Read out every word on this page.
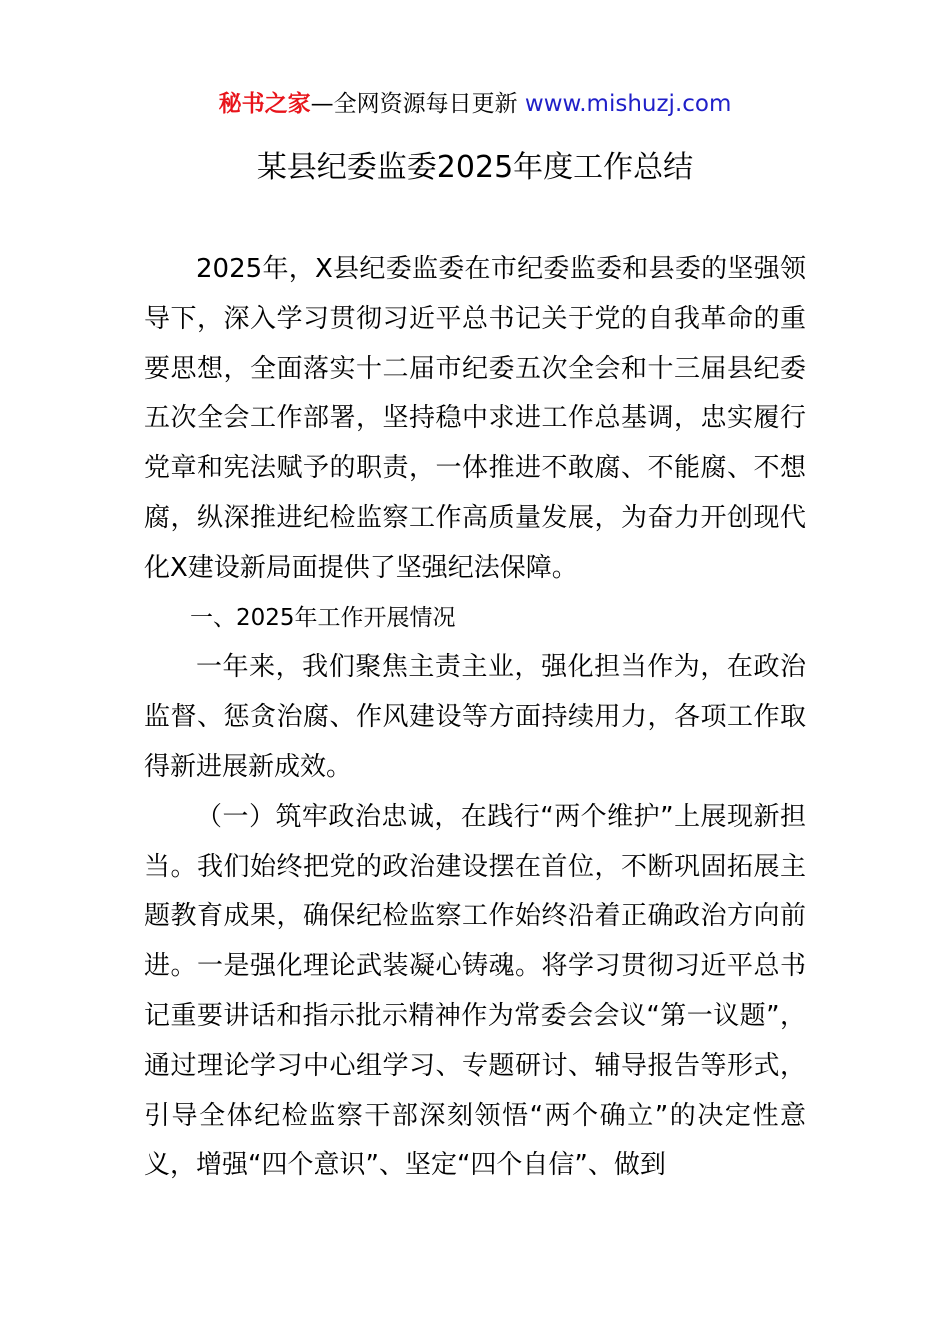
秘书之家—全网资源每日更新 www.mishuzj.com
某县纪委监委2025年度工作总结

2025年，X县纪委监委在市纪委监委和县委的坚强领导下，深入学习贯彻习近平总书记关于党的自我革命的重要思想，全面落实十二届市纪委五次全会和十三届县纪委五次全会工作部署，坚持稳中求进工作总基调，忠实履行党章和宪法赋予的职责，一体推进不敢腐、不能腐、不想腐，纵深推进纪检监察工作高质量发展，为奋力开创现代化X建设新局面提供了坚强纪法保障。

一、2025年工作开展情况

一年来，我们聚焦主责主业，强化担当作为，在政治监督、惩贪治腐、作风建设等方面持续用力，各项工作取得新进展新成效。

（一）筑牢政治忠诚，在践行“两个维护”上展现新担当。我们始终把党的政治建设摆在首位，不断巩固拓展主题教育成果，确保纪检监察工作始终沿着正确政治方向前进。一是强化理论武装凝心铸魂。将学习贯彻习近平总书记重要讲话和指示批示精神作为常委会会议“第一议题”，通过理论学习中心组学习、专题研讨、辅导报告等形式，引导全体纪检监察干部深刻领悟“两个确立”的决定性意义，增强“四个意识”、坚定“四个自信”、做到
